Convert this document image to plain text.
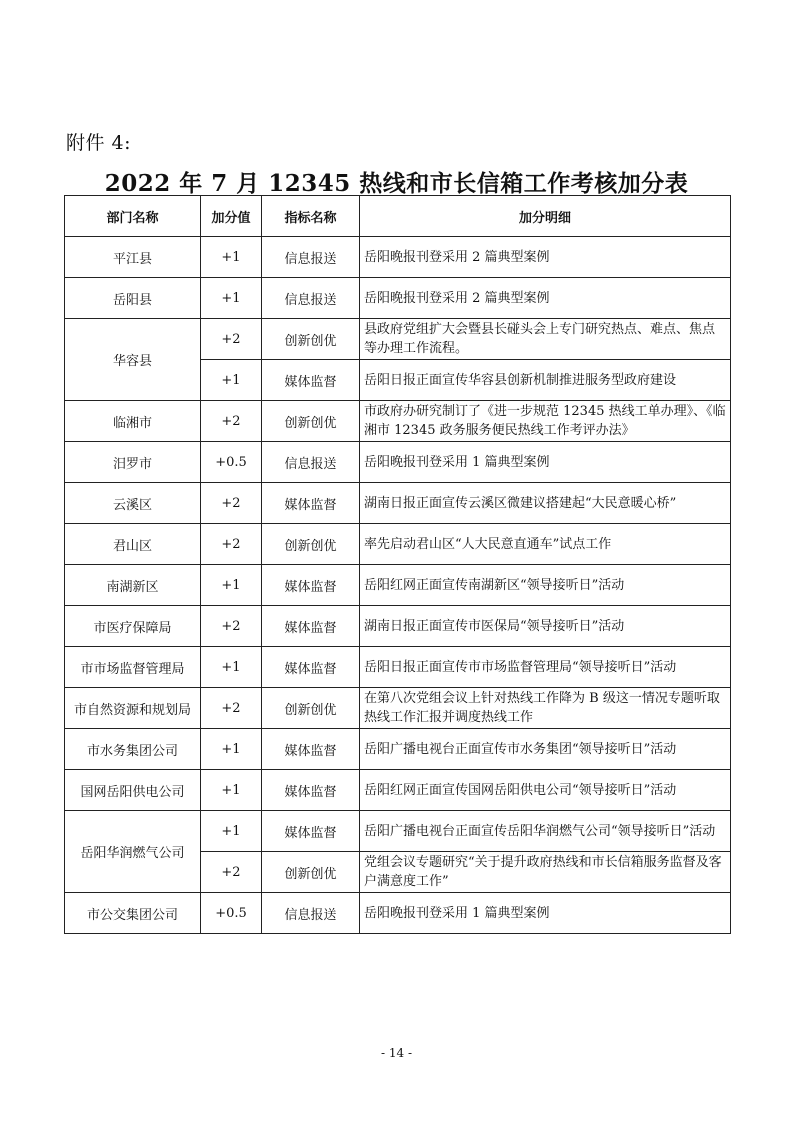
附件 4:
2022 年 7 月 12345 热线和市长信箱工作考核加分表
部门名称	加分值	指标名称	加分明细
平江县	+1	信息报送	岳阳晚报刊登采用 2 篇典型案例
岳阳县	+1	信息报送	岳阳晚报刊登采用 2 篇典型案例
华容县	+2	创新创优	县政府党组扩大会暨县长碰头会上专门研究热点、难点、焦点等办理工作流程。
	+1	媒体监督	岳阳日报正面宣传华容县创新机制推进服务型政府建设
临湘市	+2	创新创优	市政府办研究制订了《进一步规范 12345 热线工单办理》、《临湘市 12345 政务服务便民热线工作考评办法》
汨罗市	+0.5	信息报送	岳阳晚报刊登采用 1 篇典型案例
云溪区	+2	媒体监督	湖南日报正面宣传云溪区微建议搭建起“大民意暖心桥”
君山区	+2	创新创优	率先启动君山区“人大民意直通车”试点工作
南湖新区	+1	媒体监督	岳阳红网正面宣传南湖新区“领导接听日”活动
市医疗保障局	+2	媒体监督	湖南日报正面宣传市医保局“领导接听日”活动
市市场监督管理局	+1	媒体监督	岳阳日报正面宣传市市场监督管理局“领导接听日”活动
市自然资源和规划局	+2	创新创优	在第八次党组会议上针对热线工作降为 B 级这一情况专题听取热线工作汇报并调度热线工作
市水务集团公司	+1	媒体监督	岳阳广播电视台正面宣传市水务集团“领导接听日”活动
国网岳阳供电公司	+1	媒体监督	岳阳红网正面宣传国网岳阳供电公司“领导接听日”活动
岳阳华润燃气公司	+1	媒体监督	岳阳广播电视台正面宣传岳阳华润燃气公司“领导接听日”活动
	+2	创新创优	党组会议专题研究“关于提升政府热线和市长信箱服务监督及客户满意度工作”
市公交集团公司	+0.5	信息报送	岳阳晚报刊登采用 1 篇典型案例
- 14 -
